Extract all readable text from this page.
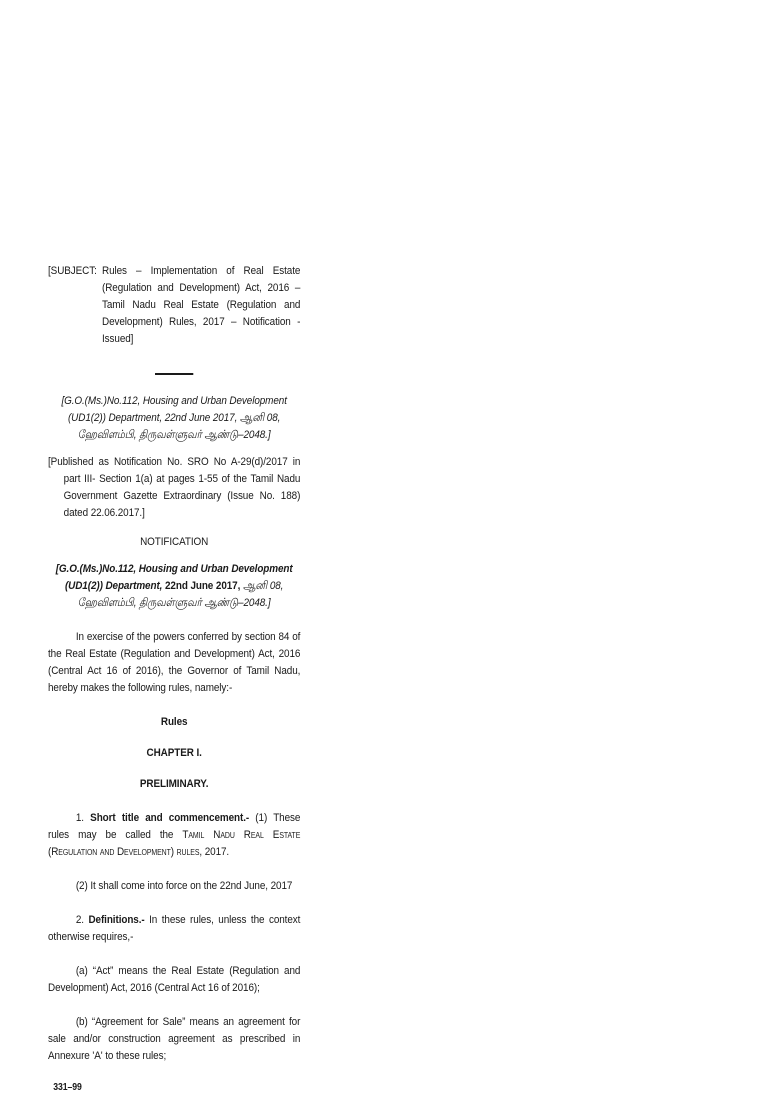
[SUBJECT: Rules – Implementation of Real Estate (Regulation and Development) Act, 2016 – Tamil Nadu Real Estate (Regulation and Development) Rules, 2017 – Notification - Issued]
[G.O.(Ms.)No.112, Housing and Urban Development (UD1(2)) Department, 22nd June 2017, ஆனி 08, ஹேவிளம்பி, திருவள்ளுவர் ஆண்டு–2048.]
[Published as Notification No. SRO No A-29(d)/2017 in part III- Section 1(a) at pages 1-55 of the Tamil Nadu Government Gazette Extraordinary (Issue No. 188) dated 22.06.2017.]
NOTIFICATION
[G.O.(Ms.)No.112, Housing and Urban Development (UD1(2)) Department, 22nd June 2017, ஆனி 08, ஹேவிளம்பி, திருவள்ளுவர் ஆண்டு–2048.]
In exercise of the powers conferred by section 84 of the Real Estate (Regulation and Development) Act, 2016 (Central Act 16 of 2016), the Governor of Tamil Nadu, hereby makes the following rules, namely:-
Rules
CHAPTER I.
PRELIMINARY.
1. Short title and commencement.- (1) These rules may be called the Tamil Nadu Real Estate (Regulation and Development) rules, 2017.
(2) It shall come into force on the 22nd June, 2017
2. Definitions.- In these rules, unless the context otherwise requires,-
(a) “Act” means the Real Estate (Regulation and Development) Act, 2016 (Central Act 16 of 2016);
(b) “Agreement for Sale” means an agreement for sale and/or construction agreement as prescribed in Annexure 'A' to these rules;
331–99
